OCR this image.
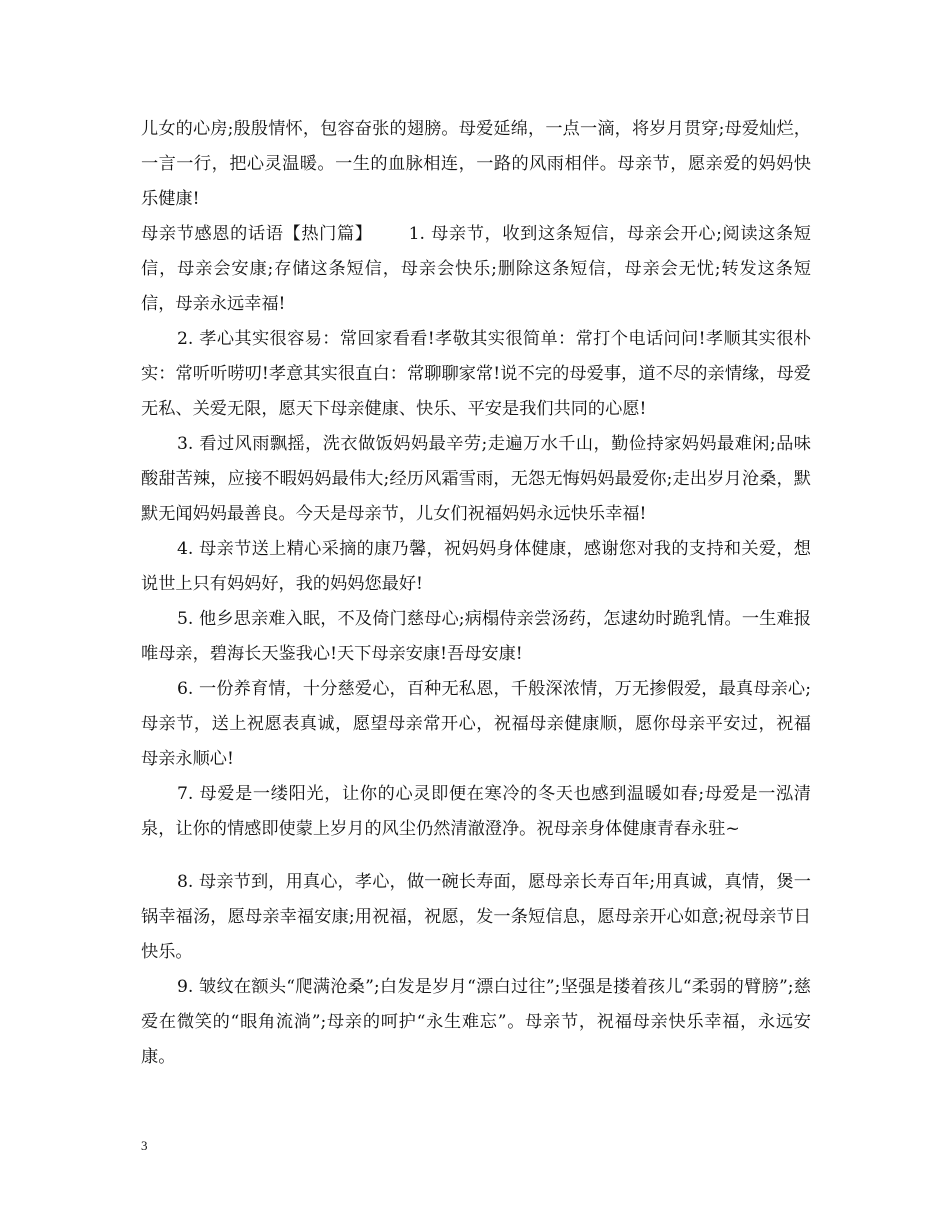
儿女的心房;殷殷情怀，包容奋张的翅膀。母爱延绵，一点一滴，将岁月贯穿;母爱灿烂，一言一行，把心灵温暖。一生的血脉相连，一路的风雨相伴。母亲节，愿亲爱的妈妈快乐健康!

母亲节感恩的话语【热门篇】 1. 母亲节，收到这条短信，母亲会开心;阅读这条短信，母亲会安康;存储这条短信，母亲会快乐;删除这条短信，母亲会无忧;转发这条短信，母亲永远幸福!

2. 孝心其实很容易：常回家看看!孝敬其实很简单：常打个电话问问!孝顺其实很朴实：常听听唠叨!孝意其实很直白：常聊聊家常!说不完的母爱事，道不尽的亲情缘，母爱无私、关爱无限，愿天下母亲健康、快乐、平安是我们共同的心愿!

3. 看过风雨飘摇，洗衣做饭妈妈最辛劳;走遍万水千山，勤俭持家妈妈最难闲;品味酸甜苦辣，应接不暇妈妈最伟大;经历风霜雪雨，无怨无悔妈妈最爱你;走出岁月沧桑，默默无闻妈妈最善良。今天是母亲节，儿女们祝福妈妈永远快乐幸福!

4. 母亲节送上精心采摘的康乃馨，祝妈妈身体健康，感谢您对我的支持和关爱，想说世上只有妈妈好，我的妈妈您最好!

5. 他乡思亲难入眠，不及倚门慈母心;病榻侍亲尝汤药，怎逮幼时跪乳情。一生难报唯母亲，碧海长天鉴我心!天下母亲安康!吾母安康!

6. 一份养育情，十分慈爱心，百种无私恩，千般深浓情，万无掺假爱，最真母亲心;母亲节，送上祝愿表真诚，愿望母亲常开心，祝福母亲健康顺，愿你母亲平安过，祝福母亲永顺心!

7. 母爱是一缕阳光，让你的心灵即便在寒冷的冬天也感到温暖如春;母爱是一泓清泉，让你的情感即使蒙上岁月的风尘仍然清澈澄净。祝母亲身体健康青春永驻~

8. 母亲节到，用真心，孝心，做一碗长寿面，愿母亲长寿百年;用真诚，真情，煲一锅幸福汤，愿母亲幸福安康;用祝福，祝愿，发一条短信息，愿母亲开心如意;祝母亲节日快乐。

9. 皱纹在额头“爬满沧桑”;白发是岁月“漂白过往”;坚强是搂着孩儿“柔弱的臂膀”;慈爱在微笑的“眼角流淌”;母亲的呵护“永生难忘”。母亲节，祝福母亲快乐幸福，永远安康。

3
